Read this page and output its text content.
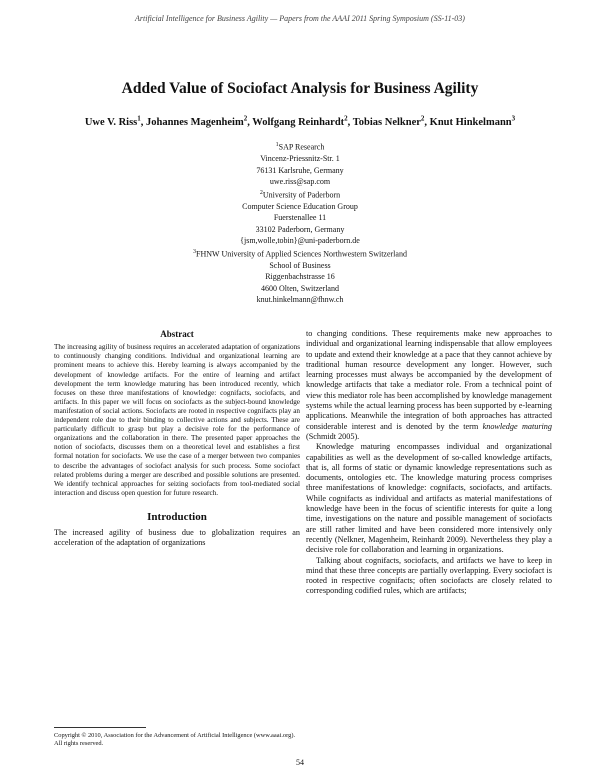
Artificial Intelligence for Business Agility — Papers from the AAAI 2011 Spring Symposium (SS-11-03)
Added Value of Sociofact Analysis for Business Agility
Uwe V. Riss$^1$, Johannes Magenheim$^2$, Wolfgang Reinhardt$^2$, Tobias Nelkner$^2$, Knut Hinkelmann$^3$
$^1$SAP Research
Vincenz-Priessnitz-Str. 1
76131 Karlsruhe, Germany
uwe.riss@sap.com
$^2$University of Paderborn
Computer Science Education Group
Fuerstenallee 11
33102 Paderborn, Germany
{jsm,wolle,tobin}@uni-paderborn.de
$^3$FHNW University of Applied Sciences Northwestern Switzerland
School of Business
Riggenbachstrasse 16
4600 Olten, Switzerland
knut.hinkelmann@fhnw.ch
Abstract

The increasing agility of business requires an accelerated adaptation of organizations to continuously changing conditions. Individual and organizational learning are prominent means to achieve this. Hereby learning is always accompanied by the development of knowledge artifacts. For the entire of learning and artifact development the term knowledge maturing has been introduced recently, which focuses on these three manifestations of knowledge: cognifacts, sociofacts, and artifacts. In this paper we will focus on sociofacts as the subject-bound knowledge manifestation of social actions. Sociofacts are rooted in respective cognifacts play an independent role due to their binding to collective actions and subjects. These are particularly difficult to grasp but play a decisive role for the performance of organizations and the collaboration in there. The presented paper approaches the notion of sociofacts, discusses them on a theoretical level and establishes a first formal notation for sociofacts. We use the case of a merger between two companies to describe the advantages of sociofact analysis for such process. Some sociofact related problems during a merger are described and possible solutions are presented. We identify technical approaches for seizing sociofacts from tool-mediated social interaction and discuss open question for future research.

Introduction

The increased agility of business due to globalization requires an acceleration of the adaptation of organizations

to changing conditions. These requirements make new approaches to individual and organizational learning indispensable that allow employees to update and extend their knowledge at a pace that they cannot achieve by traditional human resource development any longer. However, such learning processes must always be accompanied by the development of knowledge artifacts that take a mediator role. From a technical point of view this mediator role has been accomplished by knowledge management systems while the actual learning process has been supported by e-learning applications. Meanwhile the integration of both approaches has attracted considerable interest and is denoted by the term knowledge maturing (Schmidt 2005).

Knowledge maturing encompasses individual and organizational capabilities as well as the development of so-called knowledge artifacts, that is, all forms of static or dynamic knowledge representations such as documents, ontologies etc. The knowledge maturing process comprises three manifestations of knowledge: cognifacts, sociofacts, and artifacts. While cognifacts as individual and artifacts as material manifestations of knowledge have been in the focus of scientific interests for quite a long time, investigations on the nature and possible management of sociofacts are still rather limited and have been considered more intensively only recently (Nelkner, Magenheim, Reinhardt 2009). Nevertheless they play a decisive role for collaboration and learning in organizations.

Talking about cognifacts, sociofacts, and artifacts we have to keep in mind that these three concepts are partially overlapping. Every sociofact is rooted in respective cognifacts; often sociofacts are closely related to corresponding codified rules, which are artifacts;

Copyright © 2010, Association for the Advancement of Artificial Intelligence (www.aaai.org). All rights reserved.
54
